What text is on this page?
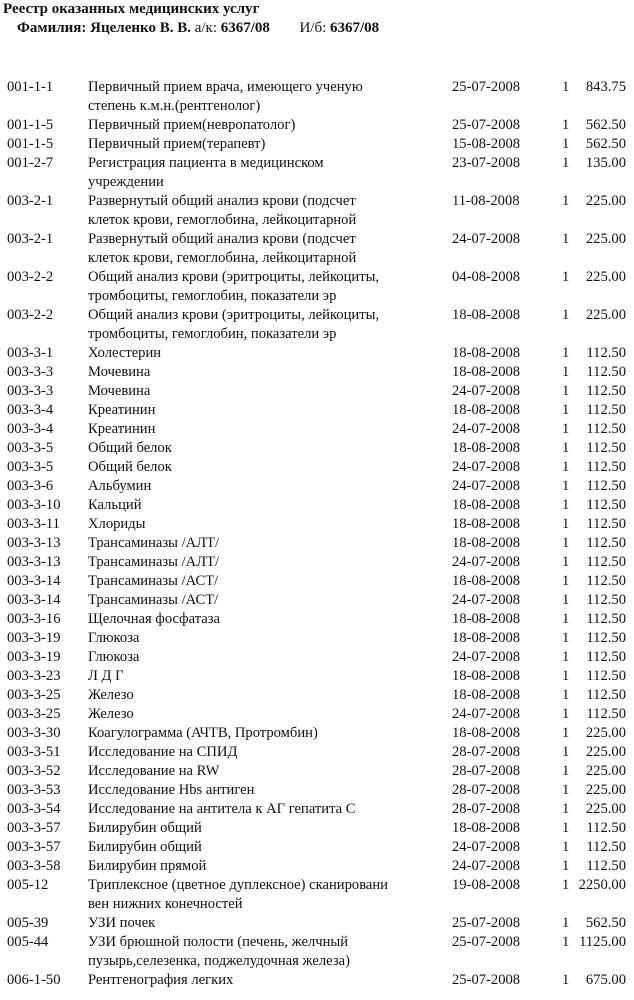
Реестр оказанных медицинских услуг
Фамилия: Яцеленко В. В. а/к: 6367/08 И/б: 6367/08
001-1-1 Первичный прием врача, имеющего ученую
степень к.м.н.(рентгенолог)
25-07-2008	1 843.75
001-1-5 Первичный прием(невропатолог)	25-07-2008	1 562.50
001-1-5 Первичный прием(терапевт)	15-08-2008	1 562.50
001-2-7 Регистрация пациента в медицинском
учреждении
23-07-2008	1 135.00
003-2-1 Развернутый общий анализ крови (подсчет
клеток крови, гемоглобина, лейкоцитарной
11-08-2008	1 225.00
003-2-1 Развернутый общий анализ крови (подсчет
клеток крови, гемоглобина, лейкоцитарной
24-07-2008	1 225.00
003-2-2 Общий анализ крови (эритроциты, лейкоциты,
тромбоциты, гемоглобин, показатели эр
04-08-2008	1 225.00
003-2-2 Общий анализ крови (эритроциты, лейкоциты,
тромбоциты, гемоглобин, показатели эр
18-08-2008	1 225.00
003-3-1 Холестерин	18-08-2008	1 112.50
003-3-3 Мочевина	18-08-2008	1 112.50
003-3-3 Мочевина	24-07-2008	1 112.50
003-3-4 Креатинин	18-08-2008	1 112.50
003-3-4 Креатинин	24-07-2008	1 112.50
003-3-5 Общий белок	18-08-2008	1 112.50
003-3-5 Общий белок	24-07-2008	1 112.50
003-3-6 Альбумин	24-07-2008	1 112.50
003-3-10 Кальций	18-08-2008	1 112.50
003-3-11 Хлориды	18-08-2008	1 112.50
003-3-13 Трансаминазы /АЛТ/	18-08-2008	1 112.50
003-3-13 Трансаминазы /АЛТ/	24-07-2008	1 112.50
003-3-14 Трансаминазы /АСТ/	18-08-2008	1 112.50
003-3-14 Трансаминазы /АСТ/	24-07-2008	1 112.50
003-3-16 Щелочная фосфатаза	18-08-2008	1 112.50
003-3-19 Глюкоза	18-08-2008	1 112.50
003-3-19 Глюкоза	24-07-2008	1 112.50
003-3-23 Л Д Г	18-08-2008	1 112.50
003-3-25 Железо	18-08-2008	1 112.50
003-3-25 Железо	24-07-2008	1 112.50
003-3-30 Коагулограмма (АЧТВ, Протромбин)	18-08-2008	1 225.00
003-3-51 Исследование на СПИД	28-07-2008	1 225.00
003-3-52 Исследование на RW	28-07-2008	1 225.00
003-3-53 Исследование Hbs антиген	28-07-2008	1 225.00
003-3-54 Исследование на антитела к АГ гепатита С	28-07-2008	1 225.00
003-3-57 Билирубин общий	18-08-2008	1 112.50
003-3-57 Билирубин общий	24-07-2008	1 112.50
003-3-58 Билирубин прямой	24-07-2008	1 112.50
005-12	Триплексное (цветное дуплексное) сканировани
вен нижних конечностей
19-08-2008	1 2250.00
005-39	УЗИ почек	25-07-2008	1 562.50
005-44	УЗИ брюшной полости (печень, желчный
пузырь,селезенка, поджелудочная железа)
25-07-2008	1 1125.00
006-1-50 Рентгенография легких	25-07-2008	1 675.00
